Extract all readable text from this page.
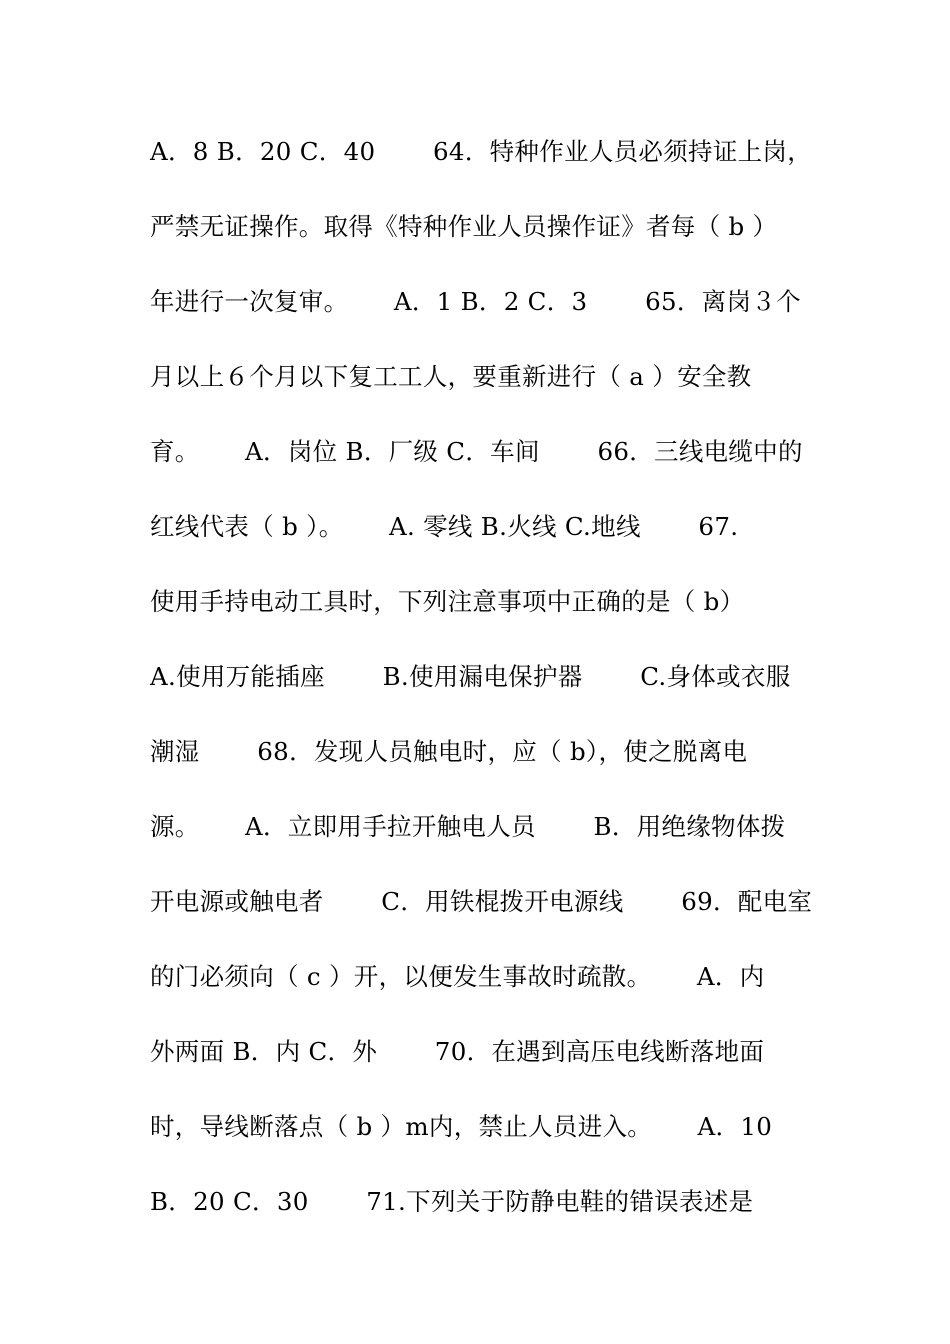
A．8 B．20 C．40　　 64．特种作业人员必须持证上岗，
严禁无证操作。取得《特种作业人员操作证》者每（ b ）
年进行一次复审。　　 A．1 B．2 C．3　　 65．离岗３个
月以上６个月以下复工工人，要重新进行（ a ）安全教
育。　　 A．岗位 B．厂级 C．车间　　 66．三线电缆中的
红线代表（ b ）。　　 A. 零线 B.火线 C.地线　　 67.
使用手持电动工具时，下列注意事项中正确的是（ b）
A.使用万能插座　　 B.使用漏电保护器　　 C.身体或衣服
潮湿　　 68．发现人员触电时，应（ b），使之脱离电
源。　　 A．立即用手拉开触电人员　　 B．用绝缘物体拨
开电源或触电者　　 C．用铁棍拨开电源线　　 69．配电室
的门必须向（ c ）开，以便发生事故时疏散。　　 A．内
外两面 B．内 C．外　　 70．在遇到高压电线断落地面
时，导线断落点（ b ）m内，禁止人员进入。　　 A．10
B．20 C．30　　 71.下列关于防静电鞋的错误表述是
